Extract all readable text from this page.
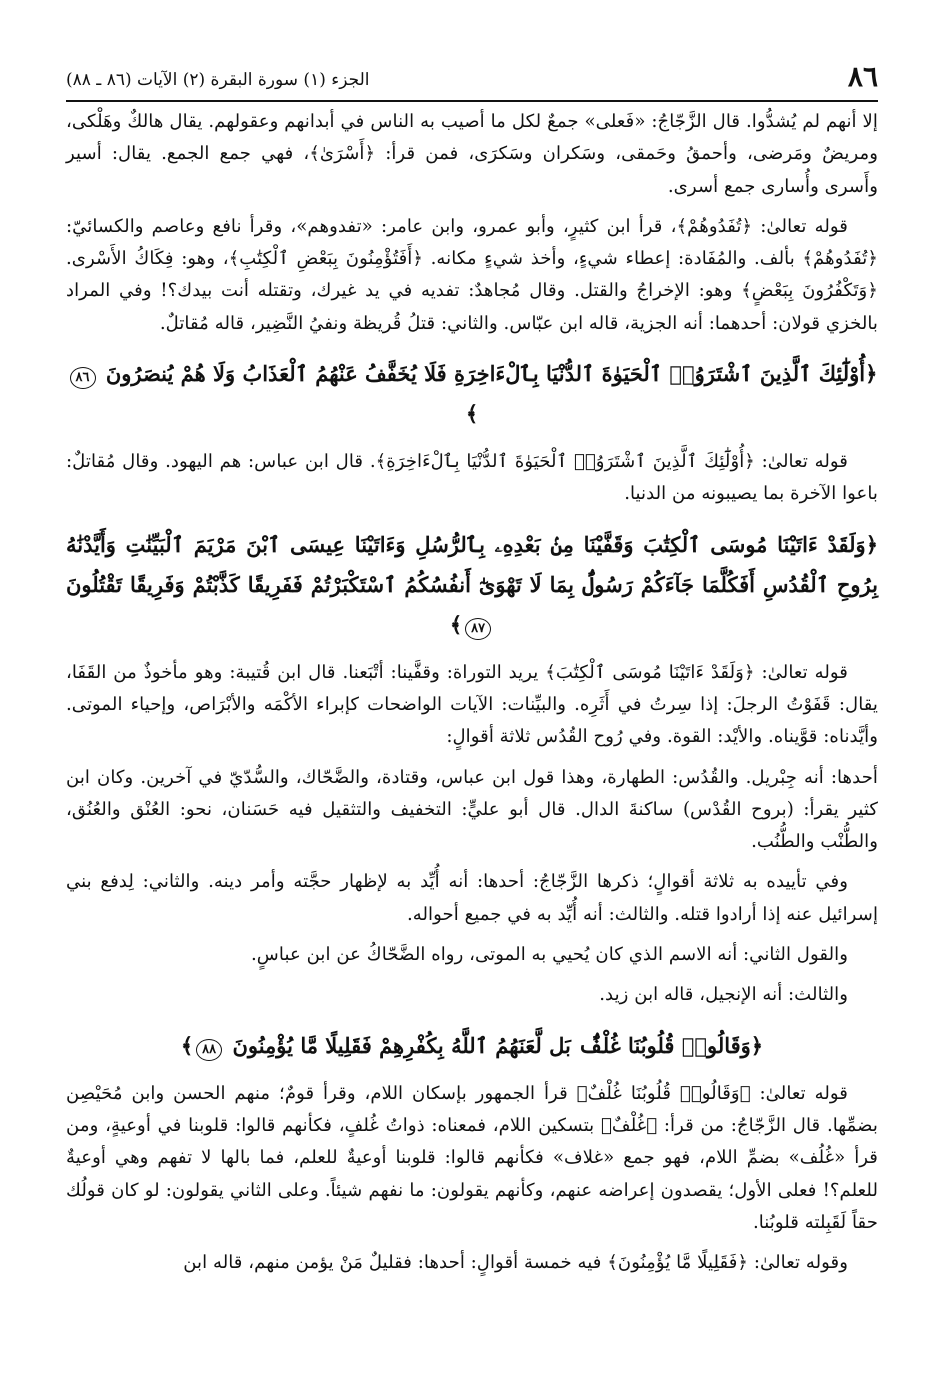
٨٦
الجزء (١) سورة البقرة (٢) الآيات (٨٦ ـ ٨٨)

إلا أنهم لم يُشدُّوا. قال الزَّجّاجُ: «فَعلى» جمعٌ لكل ما أصيب به الناس في أبدانهم وعقولهم. يقال هالكٌ وهَلْكى، ومريضٌ ومَرضى، وأحمقُ وحَمقى، وسَكران وسَكرَى، فمن قرأ: ﴿أَسْرَىٰ﴾، فهي جمع الجمع. يقال: أسير وأَسرى وأُسارى جمع أسرى.

قوله تعالىٰ: ﴿تُفَدُوهُمْ﴾، قرأ ابن كثيرٍ، وأبو عمرو، وابن عامر: «تفدوهم»، وقرأ نافع وعاصم والكسائيّ: ﴿تُفَدُوهُمْ﴾ بألف. والمُفَادة: إعطاء شيءٍ، وأخذ شيءٍ مكانه. ﴿أَفَتُؤْمِنُونَ بِبَعْضِ ٱلْكِتَٰبِ﴾، وهو: فِكَاكُ الأَسْرى. ﴿وَتَكْفُرُونَ بِبَعْضٍ﴾ وهو: الإخراجُ والقتل. وقال مُجاهدٌ: تفديه في يد غيرك، وتقتله أنت بيدك؟! وفي المراد بالخزي قولان: أحدهما: أنه الجزية، قاله ابن عبّاس. والثاني: قتلُ قُريظة ونفيُ النَّضِير، قاله مُقاتلٌ.

﴿أُوْلَٰٓئِكَ ٱلَّذِينَ ٱشْتَرَوُا۟ ٱلْحَيَوٰةَ ٱلدُّنْيَا بِٱلْءَاخِرَةِ فَلَا يُخَفَّفُ عَنْهُمُ ٱلْعَذَابُ وَلَا هُمْ يُنصَرُونَ ٨٦﴾

قوله تعالىٰ: ﴿أُوْلَٰٓئِكَ ٱلَّذِينَ ٱشْتَرَوُا۟ ٱلْحَيَوٰةَ ٱلدُّنْيَا بِٱلْءَاخِرَةِ﴾. قال ابن عباس: هم اليهود. وقال مُقاتلٌ: باعوا الآخرة بما يصيبونه من الدنيا.

﴿وَلَقَدْ ءَاتَيْنَا مُوسَى ٱلْكِتَٰبَ وَقَفَّيْنَا مِنۢ بَعْدِهِۦ بِٱلرُّسُلِ وَءَاتَيْنَا عِيسَى ٱبْنَ مَرْيَمَ ٱلْبَيِّنَٰتِ وَأَيَّدْنَٰهُ بِرُوحِ ٱلْقُدُسِ أَفَكُلَّمَا جَآءَكُمْ رَسُولٌۢ بِمَا لَا تَهْوَىٰٓ أَنفُسُكُمُ ٱسْتَكْبَرْتُمْ فَفَرِيقًا كَذَّبْتُمْ وَفَرِيقًا تَقْتُلُونَ ٨٧﴾

قوله تعالىٰ: ﴿وَلَقَدْ ءَاتَيْنَا مُوسَى ٱلْكِتَٰبَ﴾ يريد التوراة: وقفَّينا: أتْبَعنا. قال ابن قُتيبة: وهو مأخوذٌ من القَفَا، يقال: قَفَوْتُ الرجلَ: إذا سِرتُ في أَثَرِه. والبيِّنات: الآيات الواضحات كإبراء الأكْمَه والأبْرَاص، وإحياء الموتى. وأيَّدناه: قوَّيناه. والأيْد: القوة. وفي رُوح القُدُس ثلاثة أقوالٍ:

أحدها: أنه جِبْريل. والقُدُس: الطهارة، وهذا قول ابن عباس، وقتادة، والضَّحّاك، والسُّدّيّ في آخرين. وكان ابن كثير يقرأ: (بروح القُدْس) ساكنةَ الدال. قال أبو عليٍّ: التخفيف والتثقيل فيه حَسَنان، نحو: العُنْق والعُنُق، والطُّنْب والطُّنُب.

وفي تأييده به ثلاثة أقوالٍ؛ ذكرها الزَّجّاجُ: أحدها: أنه أُيِّد به لإظهار حجَّته وأمر دينه. والثاني: لِدفع بني إسرائيل عنه إذا أرادوا قتله. والثالث: أنه أُيِّد به في جميع أحواله.

والقول الثاني: أنه الاسم الذي كان يُحيي به الموتى، رواه الضَّحّاكُ عن ابن عباسٍ.

والثالث: أنه الإنجيل، قاله ابن زيد.

﴿وَقَالُوا۟ قُلُوبُنَا غُلْفٌۢ بَل لَّعَنَهُمُ ٱللَّهُ بِكُفْرِهِمْ فَقَلِيلًا مَّا يُؤْمِنُونَ ٨٨﴾

قوله تعالىٰ: ﴿وَقَالُوا۟ قُلُوبُنَا غُلْفٌ﴾ قرأ الجمهور بإسكان اللام، وقرأ قومٌ؛ منهم الحسن وابن مُحَيْصِن بضمِّها. قال الزَّجّاجُ: من قرأ: ﴿غُلْفٌ﴾ بتسكين اللام، فمعناه: ذواتُ غُلفٍ، فكأنهم قالوا: قلوبنا في أوعيةٍ، ومن قرأ «غُلُف» بضمِّ اللام، فهو جمع «غلاف» فكأنهم قالوا: قلوبنا أوعيةٌ للعلم، فما بالها لا تفهم وهي أوعيةٌ للعلم؟! فعلى الأول؛ يقصدون إعراضه عنهم، وكأنهم يقولون: ما نفهم شيئاً. وعلى الثاني يقولون: لو كان قولُك حقاً لَقَبِلته قلوبُنا.

وقوله تعالىٰ: ﴿فَقَلِيلًا مَّا يُؤْمِنُونَ﴾ فيه خمسة أقوالٍ: أحدها: فقليلٌ مَنْ يؤمن منهم، قاله ابن
